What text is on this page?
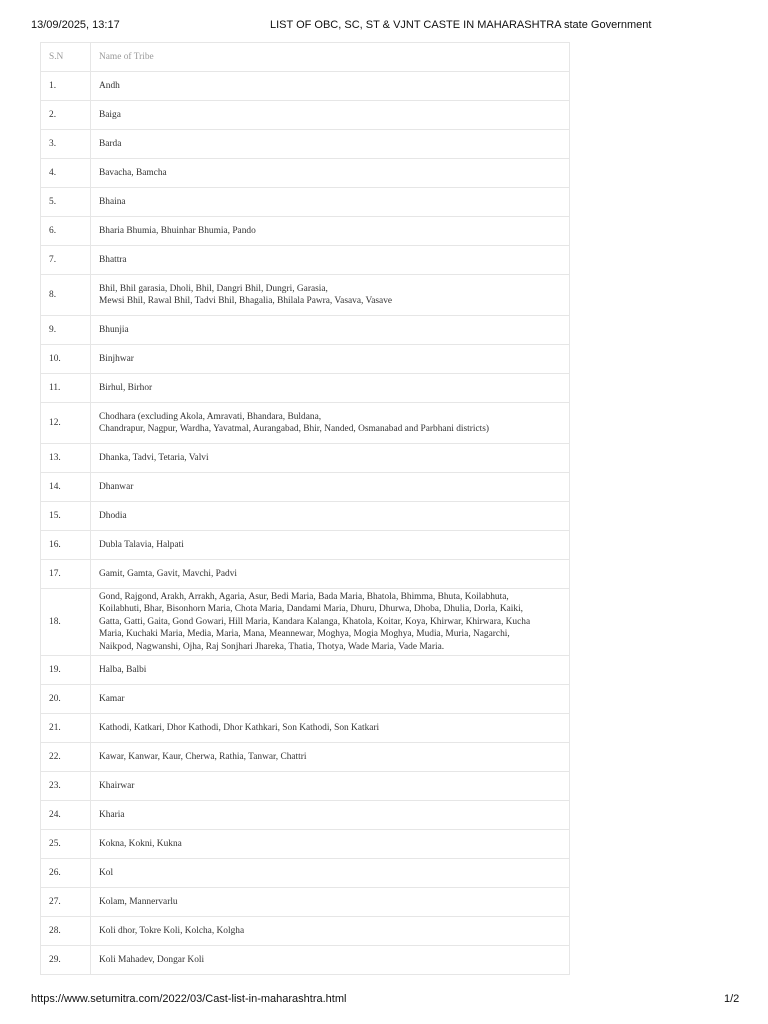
13/09/2025, 13:17	LIST OF OBC, SC, ST & VJNT CASTE IN MAHARASHTRA state Government
S.N	Name of Tribe
1.	Andh
2.	Baiga
3.	Barda
4.	Bavacha, Bamcha
5.	Bhaina
6.	Bharia Bhumia, Bhuinhar Bhumia, Pando
7.	Bhattra
8.	Bhil, Bhil garasia, Dholi, Bhil, Dangri Bhil, Dungri, Garasia,
Mewsi Bhil, Rawal Bhil, Tadvi Bhil, Bhagalia, Bhilala Pawra, Vasava, Vasave
9.	Bhunjia
10.	Binjhwar
11.	Birhul, Birhor
12.	Chodhara (excluding Akola, Amravati, Bhandara, Buldana,
Chandrapur, Nagpur, Wardha, Yavatmal, Aurangabad, Bhir, Nanded, Osmanabad and Parbhani districts)
13.	Dhanka, Tadvi, Tetaria, Valvi
14.	Dhanwar
15.	Dhodia
16.	Dubla Talavia, Halpati
17.	Gamit, Gamta, Gavit, Mavchi, Padvi
18.	Gond, Rajgond, Arakh, Arrakh, Agaria, Asur, Bedi Maria, Bada Maria, Bhatola, Bhimma, Bhuta, Koilabhuta,
Koilabhuti, Bhar, Bisonhorn Maria, Chota Maria, Dandami Maria, Dhuru, Dhurwa, Dhoba, Dhulia, Dorla, Kaiki,
Gatta, Gatti, Gaita, Gond Gowari, Hill Maria, Kandara Kalanga, Khatola, Koitar, Koya, Khirwar, Khirwara, Kucha
Maria, Kuchaki Maria, Media, Maria, Mana, Meannewar, Moghya, Mogia Moghya, Mudia, Muria, Nagarchi,
Naikpod, Nagwanshi, Ojha, Raj Sonjhari Jhareka, Thatia, Thotya, Wade Maria, Vade Maria.
19.	Halba, Balbi
20.	Kamar
21.	Kathodi, Katkari, Dhor Kathodi, Dhor Kathkari, Son Kathodi, Son Katkari
22.	Kawar, Kanwar, Kaur, Cherwa, Rathia, Tanwar, Chattri
23.	Khairwar
24.	Kharia
25.	Kokna, Kokni, Kukna
26.	Kol
27.	Kolam, Mannervarlu
28.	Koli dhor, Tokre Koli, Kolcha, Kolgha
29.	Koli Mahadev, Dongar Koli
https://www.setumitra.com/2022/03/Cast-list-in-maharashtra.html	1/2
